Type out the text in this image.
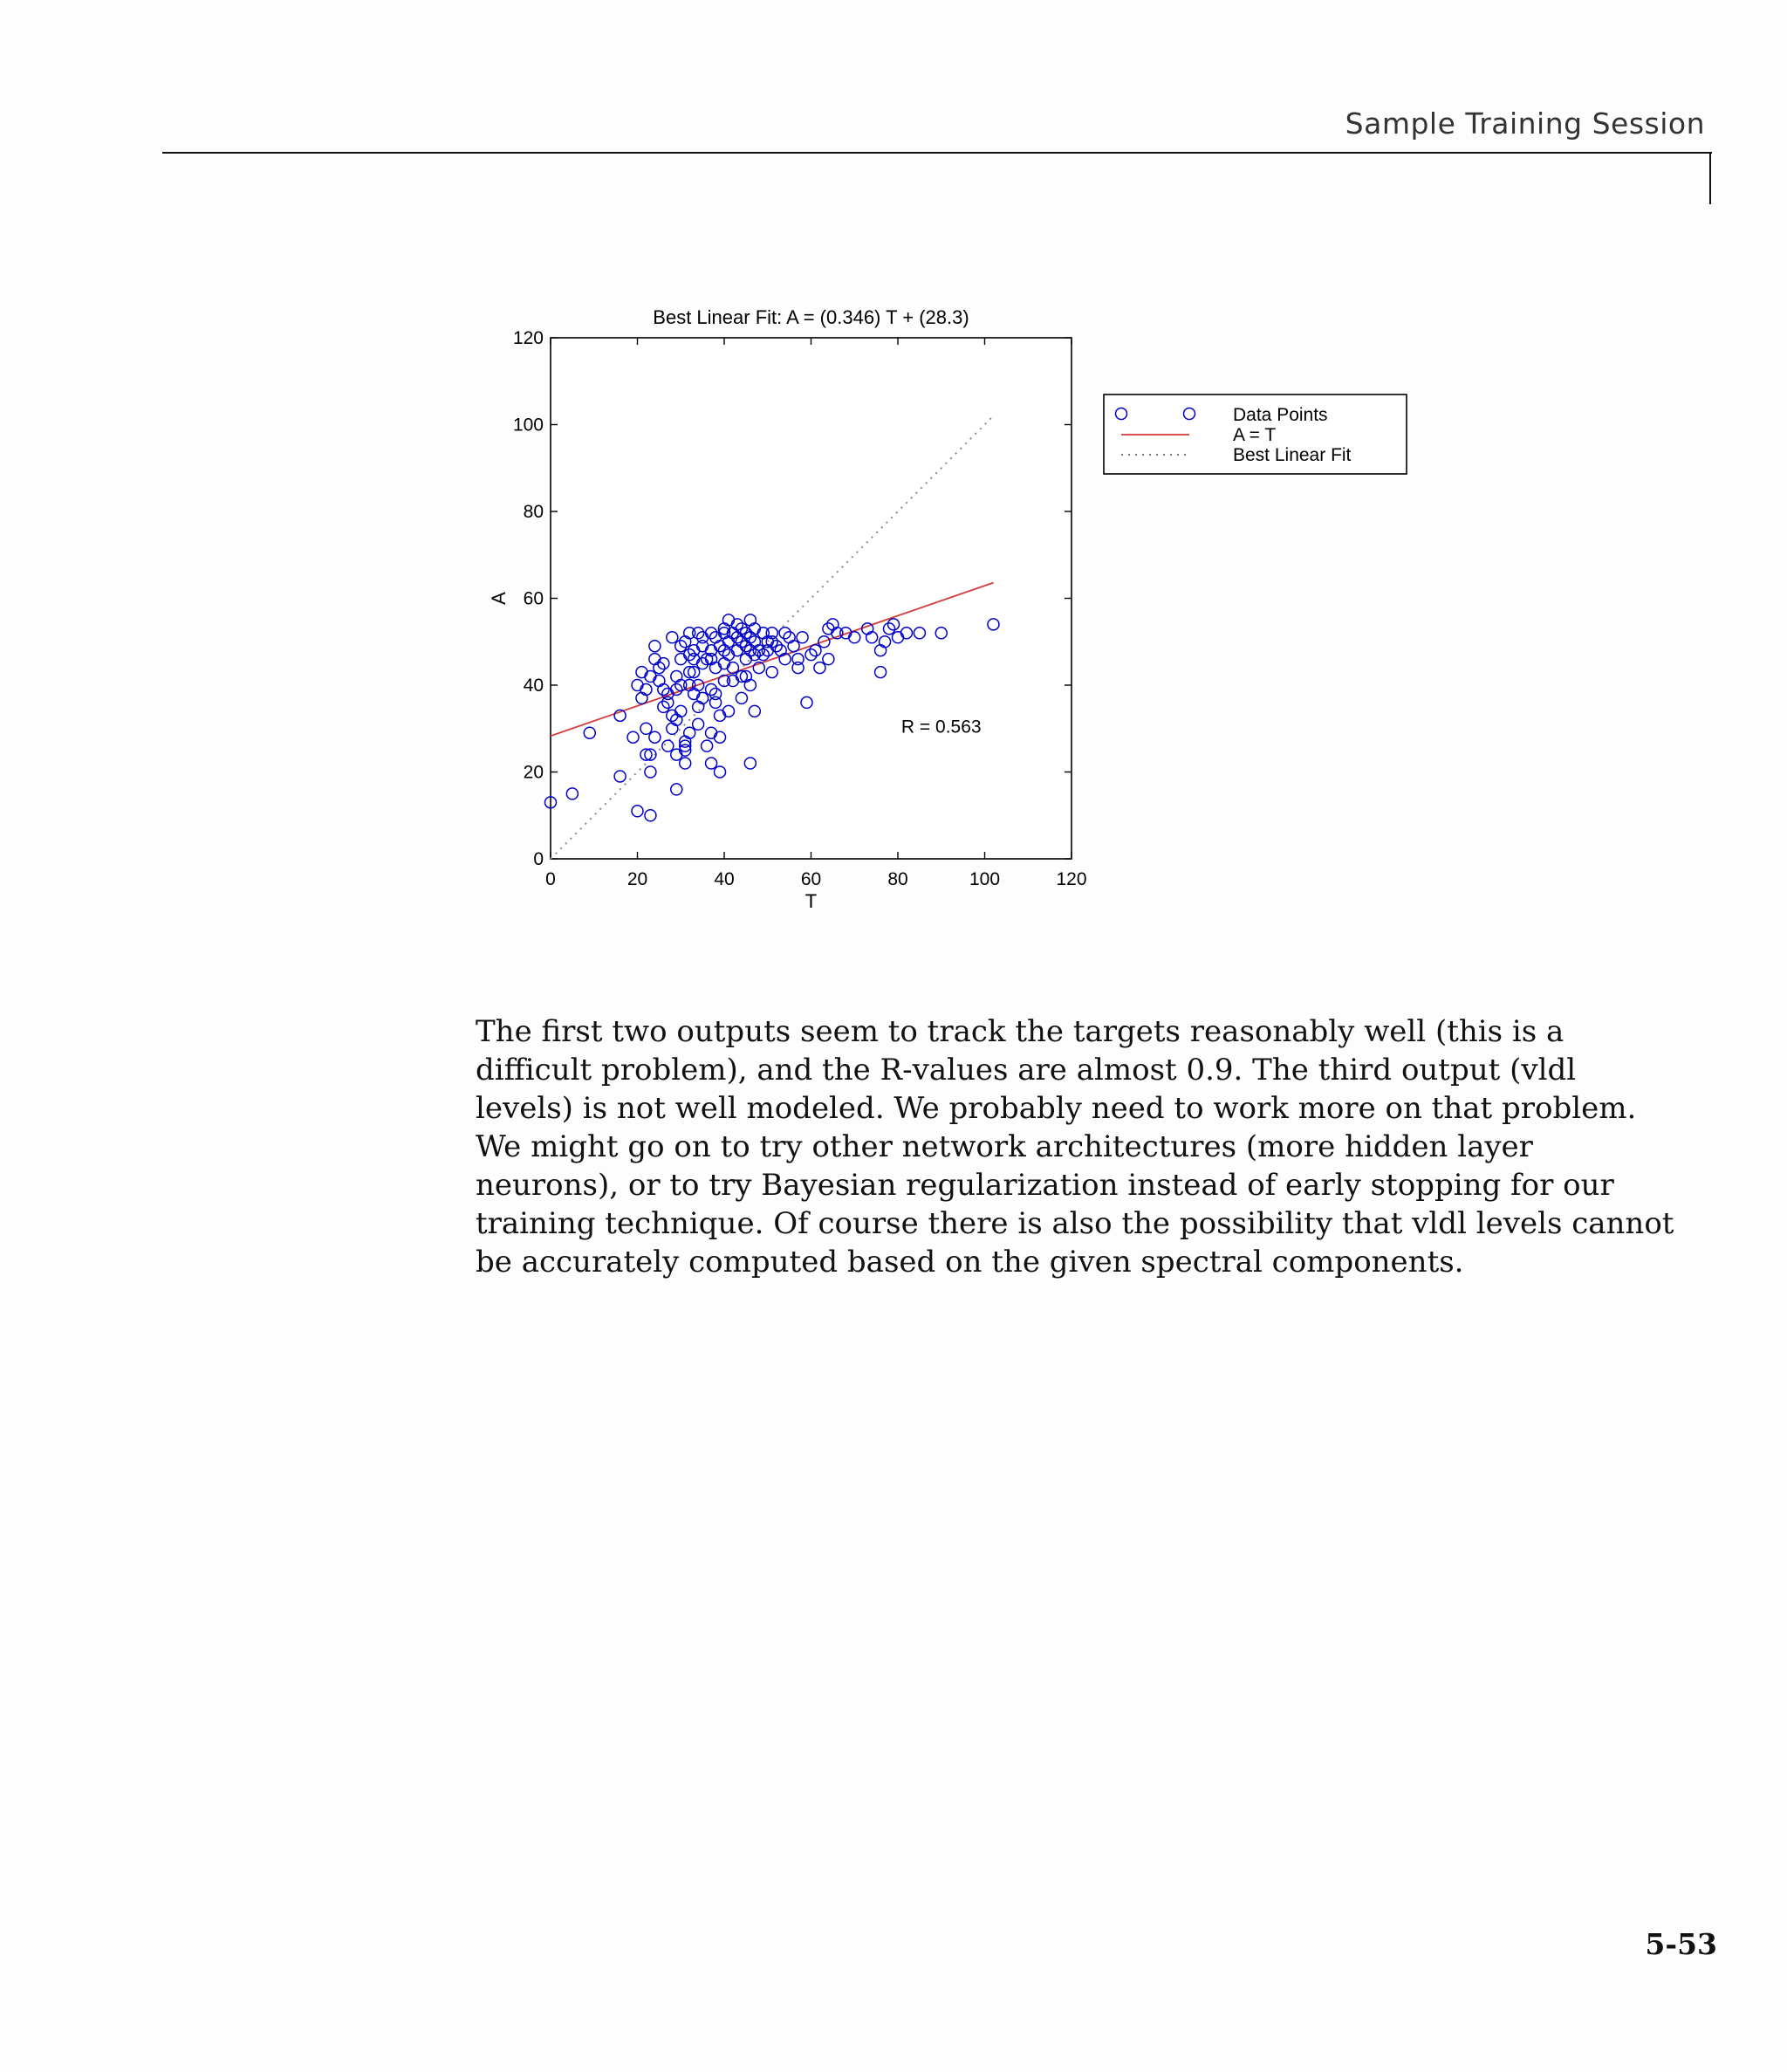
Sample Training Session
0	20	40	60	80	100	120
0
20
40
60
80
100
120
Best Linear Fit: A = (0.346) T + (28.3)
T
A
R = 0.563
Data Points
A = T
Best Linear Fit
The first two outputs seem to track the targets reasonably well (this is a
difficult problem), and the R-values are almost 0.9. The third output (vldl
levels) is not well modeled. We probably need to work more on that problem.
We might go on to try other network architectures (more hidden layer
neurons), or to try Bayesian regularization instead of early stopping for our
training technique. Of course there is also the possibility that vldl levels cannot
be accurately computed based on the given spectral components.
5-53
